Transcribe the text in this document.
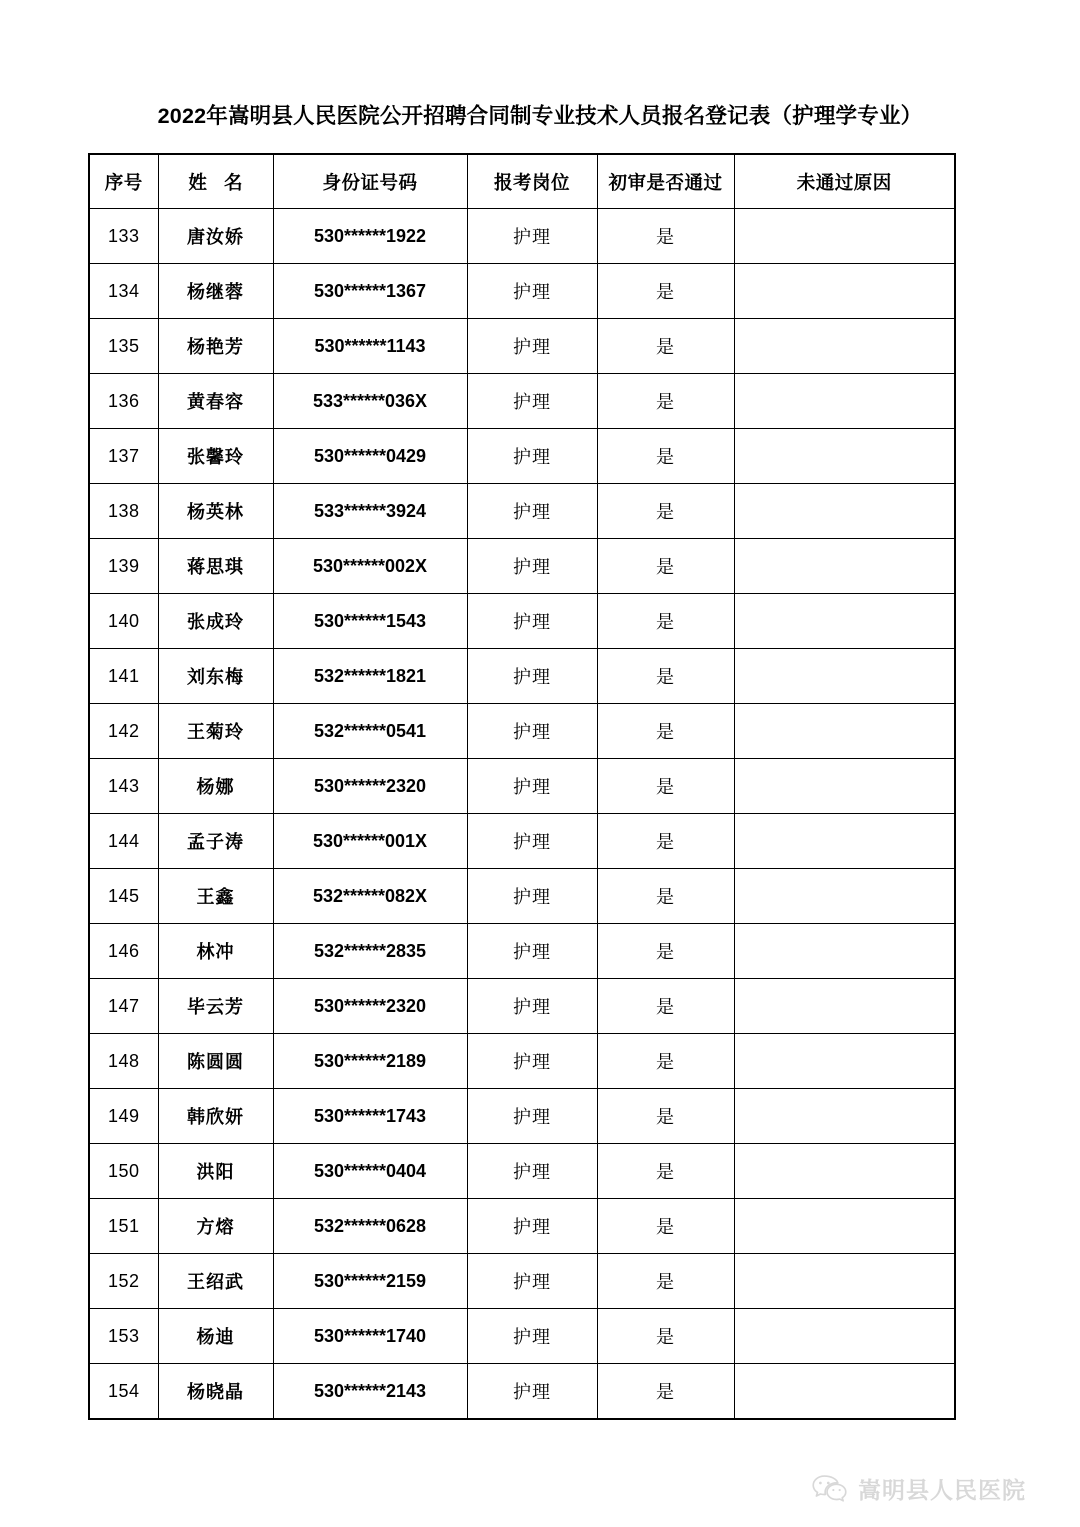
2022年嵩明县人民医院公开招聘合同制专业技术人员报名登记表（护理学专业）
序号	姓 名	身份证号码	报考岗位	初审是否通过	未通过原因
133	唐汝娇	530******1922	护理	是	
134	杨继蓉	530******1367	护理	是	
135	杨艳芳	530******1143	护理	是	
136	黄春容	533******036X	护理	是	
137	张馨玲	530******0429	护理	是	
138	杨英林	533******3924	护理	是	
139	蒋思琪	530******002X	护理	是	
140	张成玲	530******1543	护理	是	
141	刘东梅	532******1821	护理	是	
142	王菊玲	532******0541	护理	是	
143	杨娜	530******2320	护理	是	
144	孟子涛	530******001X	护理	是	
145	王鑫	532******082X	护理	是	
146	林冲	532******2835	护理	是	
147	毕云芳	530******2320	护理	是	
148	陈圆圆	530******2189	护理	是	
149	韩欣妍	530******1743	护理	是	
150	洪阳	530******0404	护理	是	
151	方熔	532******0628	护理	是	
152	王绍武	530******2159	护理	是	
153	杨迪	530******1740	护理	是	
154	杨晓晶	530******2143	护理	是	
嵩明县人民医院
